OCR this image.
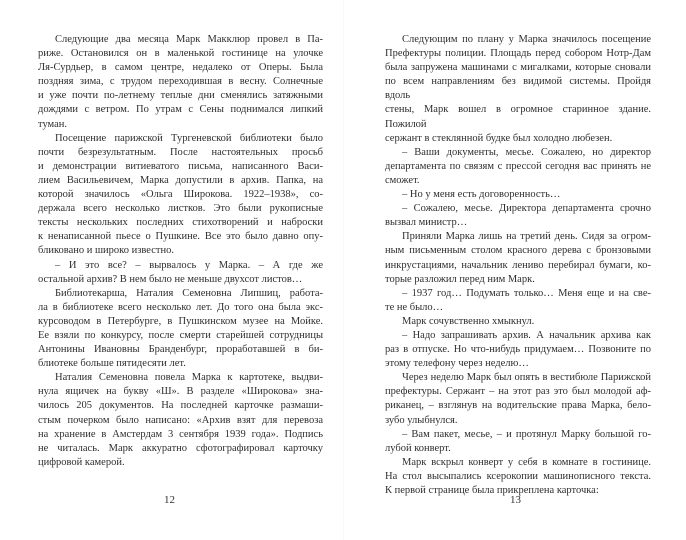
Следующие два месяца Марк Макклюр провел в Па-
риже. Остановился он в маленькой гостинице на улочке
Ля-Сурдьер, в самом центре, недалеко от Оперы. Была
поздняя зима, с трудом переходившая в весну. Солнечные
и уже почти по-летнему теплые дни сменялись затяжными
дождями с ветром. По утрам с Сены поднимался липкий
туман.
Посещение парижской Тургеневской библиотеки было
почти безрезультатным. После настоятельных просьб
и демонстрации витиеватого письма, написанного Васи-
лием Васильевичем, Марка допустили в архив. Папка, на
которой значилось «Ольга Широкова. 1922–1938», со-
держала всего несколько листков. Это были рукописные
тексты нескольких последних стихотворений и наброски
к ненаписанной пьесе о Пушкине. Все это было давно опу-
бликовано и широко известно.
– И это все? – вырвалось у Марка. – А где же
остальной архив? В нем было не меньше двухсот листов…
Библиотекарша, Наталия Семеновна Липшиц, работа-
ла в библиотеке всего несколько лет. До того она была экс-
курсоводом в Петербурге, в Пушкинском музее на Мойке.
Ее взяли по конкурсу, после смерти старейшей сотрудницы
Антонины Ивановны Бранденбург, проработавшей в би-
блиотеке больше пятидесяти лет.
Наталия Семеновна повела Марка к картотеке, выдви-
нула ящичек на букву «Ш». В разделе «Широкова» зна-
чилось 205 документов. На последней карточке размаши-
стым почерком было написано: «Архив взят для перевоза
на хранение в Амстердам 3 сентября 1939 года». Подпись
не читалась. Марк аккуратно сфотографировал карточку
цифровой камерой.
Следующим по плану у Марка значилось посещение
Префектуры полиции. Площадь перед собором Нотр-Дам
была запружена машинами с мигалками, которые сновали
по всем направлениям без видимой системы. Пройдя вдоль
стены, Марк вошел в огромное старинное здание. Пожилой
сержант в стеклянной будке был холодно любезен.
– Ваши документы, месье. Сожалею, но директор
департамента по связям с прессой сегодня вас принять не
сможет.
– Но у меня есть договоренность…
– Сожалею, месье. Директора департамента срочно
вызвал министр…
Приняли Марка лишь на третий день. Сидя за огром-
ным письменным столом красного дерева с бронзовыми
инкрустациями, начальник лениво перебирал бумаги, ко-
торые разложил перед ним Марк.
– 1937 год… Подумать только… Меня еще и на све-
те не было…
Марк сочувственно хмыкнул.
– Надо запрашивать архив. А начальник архива как
раз в отпуске. Но что-нибудь придумаем… Позвоните по
этому телефону через неделю…
Через неделю Марк был опять в вестибюле Парижской
префектуры. Сержант – на этот раз это был молодой аф-
риканец, – взглянув на водительские права Марка, бело-
зубо улыбнулся.
– Вам пакет, месье, – и протянул Марку большой го-
лубой конверт.
Марк вскрыл конверт у себя в комнате в гостинице.
На стол высыпались ксерокопии машинописного текста.
К первой странице была прикреплена карточка:
12	13
